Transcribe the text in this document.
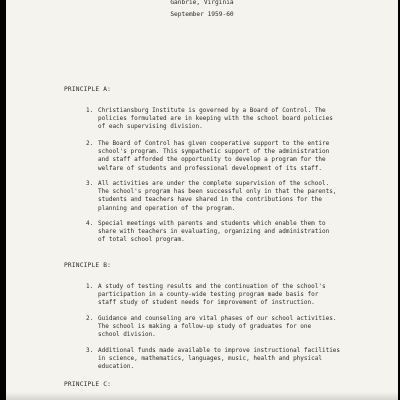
Ganbrie, Virginia
September 1959-60
PRINCIPLE A:
1. Christiansburg Institute is governed by a Board of Control. The
policies formulated are in keeping with the school board policies
of each supervising division.
2. The Board of Control has given cooperative support to the entire
school's program. This sympathetic support of the administration
and staff afforded the opportunity to develop a program for the
welfare of students and professional development of its staff.
3. All activities are under the complete supervision of the school.
The school's program has been successful only in that the parents,
students and teachers have shared in the contributions for the
planning and operation of the program.
4. Special meetings with parents and students which enable them to
share with teachers in evaluating, organizing and administration
of total school program.
PRINCIPLE B:
1. A study of testing results and the continuation of the school's
participation in a county-wide testing program made basis for
staff study of student needs for improvement of instruction.
2. Guidance and counseling are vital phases of our school activities.
The school is making a follow-up study of graduates for one
school division.
3. Additional funds made available to improve instructional facilities
in science, mathematics, languages, music, health and physical
education.
PRINCIPLE C:
